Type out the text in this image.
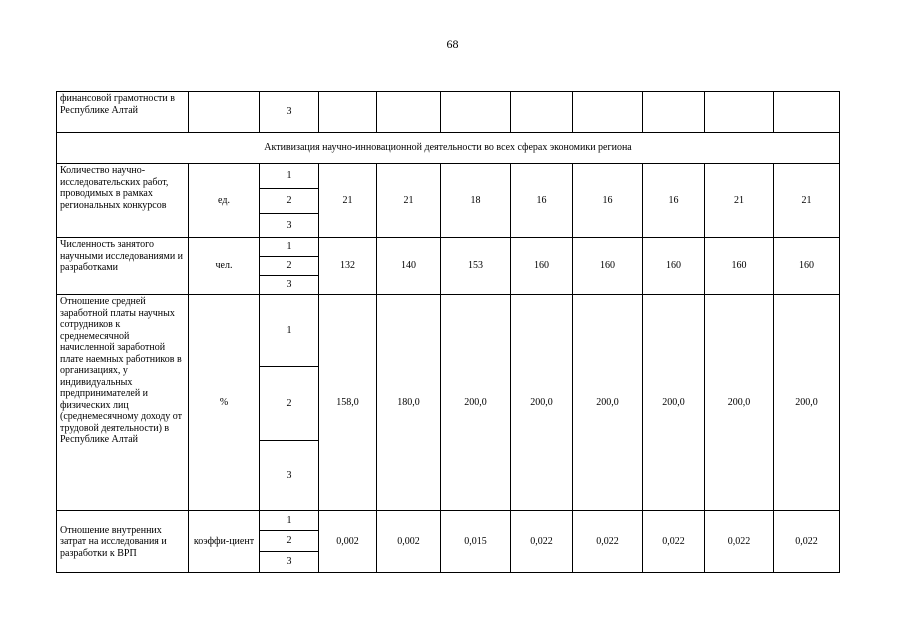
68
финансовой грамотности в Республике Алтай		3								
Активизация научно-инновационной деятельности во всех сферах экономики региона										
Количество научно-исследовательских работ, проводимых в рамках региональных конкурсов	ед.	1	21	21	18	16	16	16	21	21
		2								
		3								
Численность занятого научными исследованиями и разработками	чел.	1	132	140	153	160	160	160	160	160
		2								
		3								
Отношение средней заработной платы научных сотрудников к среднемесячной начисленной заработной плате наемных работников в организациях, у индивидуальных предпринимателей и физических лиц (среднемесячному доходу от трудовой деятельности) в Республике Алтай	%	1	158,0	180,0	200,0	200,0	200,0	200,0	200,0	200,0
		2								
		3								
Отношение внутренних затрат на исследования и разработки к ВРП	коэффи-циент	1	0,002	0,002	0,015	0,022	0,022	0,022	0,022	0,022
		2								
		3								
